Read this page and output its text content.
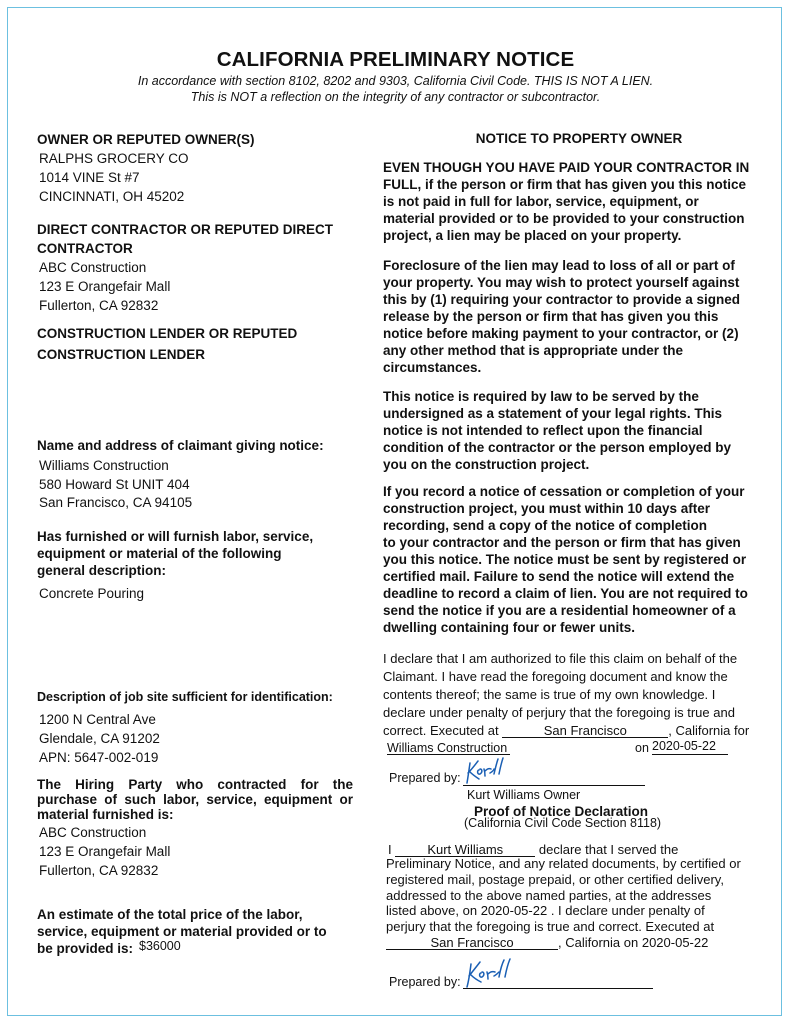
CALIFORNIA PRELIMINARY NOTICE
In accordance with section 8102, 8202 and 9303, California Civil Code. THIS IS NOT A LIEN.
This is NOT a reflection on the integrity of any contractor or subcontractor.
OWNER OR REPUTED OWNER(S)
RALPHS GROCERY CO
1014 VINE St #7
CINCINNATI, OH 45202
DIRECT CONTRACTOR OR REPUTED DIRECT
CONTRACTOR
ABC Construction
123 E Orangefair Mall
Fullerton, CA 92832
CONSTRUCTION LENDER OR REPUTED
CONSTRUCTION LENDER
Name and address of claimant giving notice:
Williams Construction
580 Howard St UNIT 404
San Francisco, CA 94105
Has furnished or will furnish labor, service,
equipment or material of the following
general description:
Concrete Pouring
Description of job site sufficient for identification:
1200 N Central Ave
Glendale, CA 91202
APN: 5647-002-019
The Hiring Party who contracted for the purchase of such labor, service, equipment or material furnished is:
ABC Construction
123 E Orangefair Mall
Fullerton, CA 92832
An estimate of the total price of the labor,
service, equipment or material provided or to
be provided is: $36000
NOTICE TO PROPERTY OWNER
EVEN THOUGH YOU HAVE PAID YOUR CONTRACTOR IN
FULL, if the person or firm that has given you this notice
is not paid in full for labor, service, equipment, or
material provided or to be provided to your construction
project, a lien may be placed on your property.
Foreclosure of the lien may lead to loss of all or part of
your property. You may wish to protect yourself against
this by (1) requiring your contractor to provide a signed
release by the person or firm that has given you this
notice before making payment to your contractor, or (2)
any other method that is appropriate under the
circumstances.
This notice is required by law to be served by the
undersigned as a statement of your legal rights. This
notice is not intended to reflect upon the financial
condition of the contractor or the person employed by
you on the construction project.
If you record a notice of cessation or completion of your
construction project, you must within 10 days after
recording, send a copy of the notice of completion
to your contractor and the person or firm that has given
you this notice. The notice must be sent by registered or
certified mail. Failure to send the notice will extend the
deadline to record a claim of lien. You are not required to
send the notice if you are a residential homeowner of a
dwelling containing four or fewer units.
I declare that I am authorized to file this claim on behalf of the
Claimant. I have read the foregoing document and know the
contents thereof; the same is true of my own knowledge. I
declare under penalty of perjury that the foregoing is true and
correct. Executed at	San Francisco	, California for
Williams Construction	on 2020-05-22
Prepared by:
Kurt Williams Owner
Proof of Notice Declaration
(California Civil Code Section 8118)
I	Kurt Williams	declare that I served the
Preliminary Notice, and any related documents, by certified or
registered mail, postage prepaid, or other certified delivery,
addressed to the above named parties, at the addresses
listed above, on 2020-05-22 . I declare under penalty of
perjury that the foregoing is true and correct. Executed at
San Francisco	, California on 2020-05-22
Prepared by:
